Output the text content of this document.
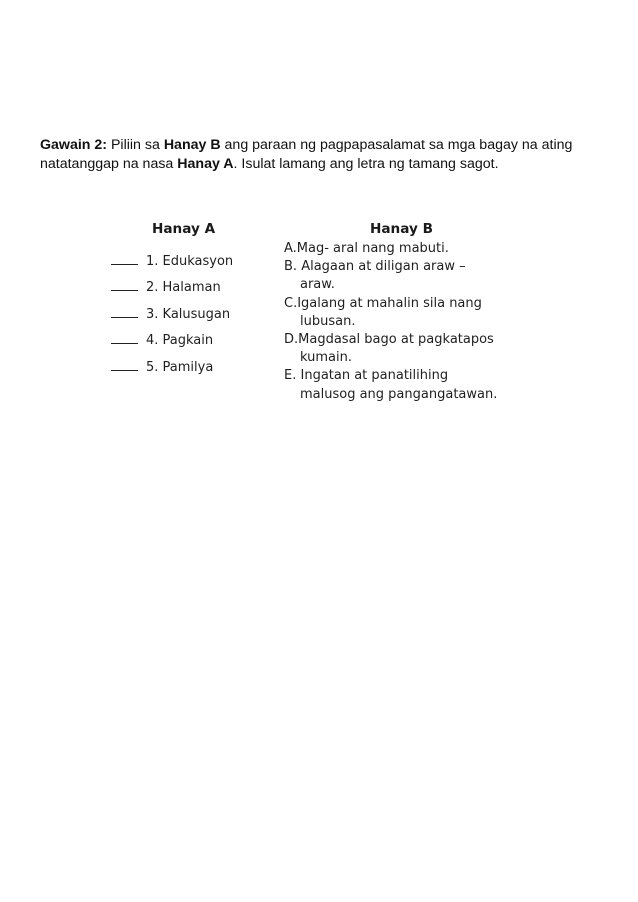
Gawain 2: Piliin sa Hanay B ang paraan ng pagpapasalamat sa mga bagay na ating natatanggap na nasa Hanay A. Isulat lamang ang letra ng tamang sagot.
Hanay A	Hanay B
1. Edukasyon
2. Halaman
3. Kalusugan
4. Pagkain
5. Pamilya
A. Mag- aral nang mabuti.
B. Alagaan at diligan araw –
araw.
C. Igalang at mahalin sila nang
lubusan.
D. Magdasal bago at pagkatapos
kumain.
E. Ingatan at panatilihing
malusog ang pangangatawan.
